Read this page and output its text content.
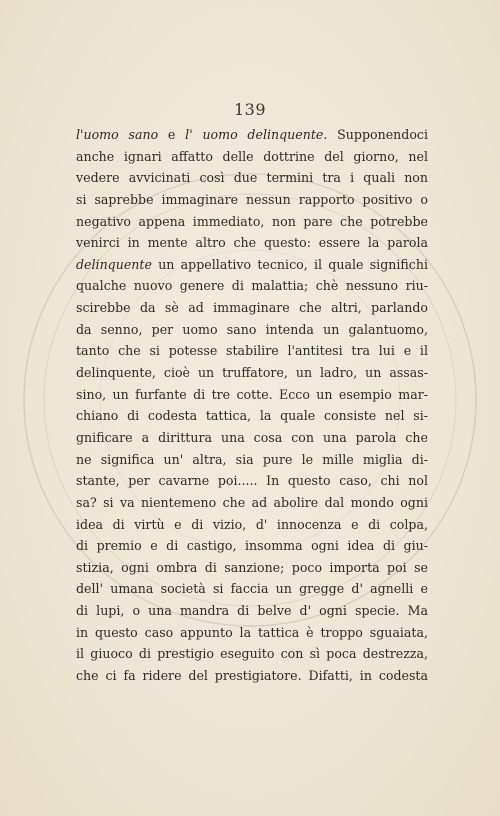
139
l'uomo sano e l' uomo delinquente. Supponendoci
anche ignari affatto delle dottrine del giorno, nel
vedere avvicinati così due termini tra i quali non
si saprebbe immaginare nessun rapporto positivo o
negativo appena immediato, non pare che potrebbe
venirci in mente altro che questo: essere la parola
delinquente un appellativo tecnico, il quale significhi
qualche nuovo genere di malattia; chè nessuno riu-
scirebbe da sè ad immaginare che altri, parlando
da senno, per uomo sano intenda un galantuomo,
tanto che si potesse stabilire l'antitesi tra lui e il
delinquente, cioè un truffatore, un ladro, un assas-
sino, un furfante di tre cotte. Ecco un esempio mar-
chiano di codesta tattica, la quale consiste nel si-
gnificare a dirittura una cosa con una parola che
ne significa un' altra, sia pure le mille miglia di-
stante, per cavarne poi..... In questo caso, chi nol
sa? si va nientemeno che ad abolire dal mondo ogni
idea di virtù e di vizio, d' innocenza e di colpa,
di premio e di castigo, insomma ogni idea di giu-
stizia, ogni ombra di sanzione; poco importa poi se
dell' umana società si faccia un gregge d' agnelli e
di lupi, o una mandra di belve d' ogni specie. Ma
in questo caso appunto la tattica è troppo sguaiata,
il giuoco di prestigio eseguito con sì poca destrezza,
che ci fa ridere del prestigiatore. Difatti, in codesta
